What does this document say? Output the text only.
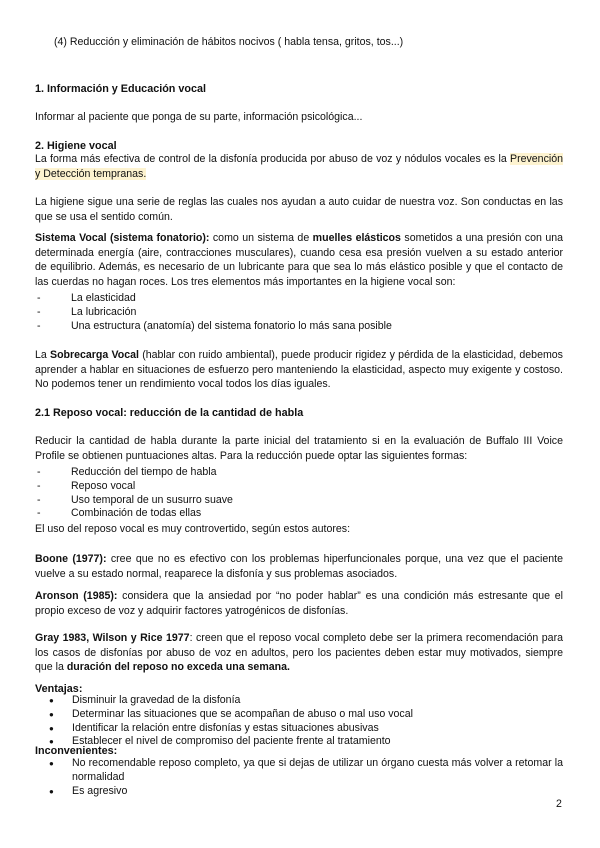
(4) Reducción y eliminación de hábitos nocivos ( habla tensa, gritos, tos...)
1. Información y Educación vocal
Informar al paciente que ponga de su parte, información psicológica...
2. Higiene vocal
La forma más efectiva de control de la disfonía producida por abuso de voz y nódulos vocales es la Prevención y Detección tempranas.
La higiene sigue una serie de reglas las cuales nos ayudan a auto cuidar de nuestra voz. Son conductas en las que se usa el sentido común.
Sistema Vocal (sistema fonatorio): como un sistema de muelles elásticos sometidos a una presión con una determinada energía (aire, contracciones musculares), cuando cesa esa presión vuelven a su estado anterior de equilibrio. Además, es necesario de un lubricante para que sea lo más elástico posible y que el contacto de las cuerdas no hagan roces. Los tres elementos más importantes en la higiene vocal son:
- La elasticidad
- La lubricación
- Una estructura (anatomía) del sistema fonatorio lo más sana posible
La Sobrecarga Vocal (hablar con ruido ambiental), puede producir rigidez y pérdida de la elasticidad, debemos aprender a hablar en situaciones de esfuerzo pero manteniendo la elasticidad, aspecto muy exigente y costoso. No podemos tener un rendimiento vocal todos los días iguales.
2.1 Reposo vocal: reducción de la cantidad de habla
Reducir la cantidad de habla durante la parte inicial del tratamiento si en la evaluación de Buffalo III Voice Profile se obtienen puntuaciones altas. Para la reducción puede optar las siguientes formas:
- Reducción del tiempo de habla
- Reposo vocal
- Uso temporal de un susurro suave
- Combinación de todas ellas
El uso del reposo vocal es muy controvertido, según estos autores:
Boone (1977): cree que no es efectivo con los problemas hiperfuncionales porque, una vez que el paciente vuelve a su estado normal, reaparece la disfonía y sus problemas asociados.
Aronson (1985): considera que la ansiedad por “no poder hablar” es una condición más estresante que el propio exceso de voz y adquirir factores yatrogénicos de disfonías.
Gray 1983, Wilson y Rice 1977: creen que el reposo vocal completo debe ser la primera recomendación para los casos de disfonías por abuso de voz en adultos, pero los pacientes deben estar muy motivados, siempre que la duración del reposo no exceda una semana.
Ventajas:
● Disminuir la gravedad de la disfonía
● Determinar las situaciones que se acompañan de abuso o mal uso vocal
● Identificar la relación entre disfonías y estas situaciones abusivas
● Establecer el nivel de compromiso del paciente frente al tratamiento
Inconvenientes:
● No recomendable reposo completo, ya que si dejas de utilizar un órgano cuesta más volver a retomar la normalidad
● Es agresivo
2
